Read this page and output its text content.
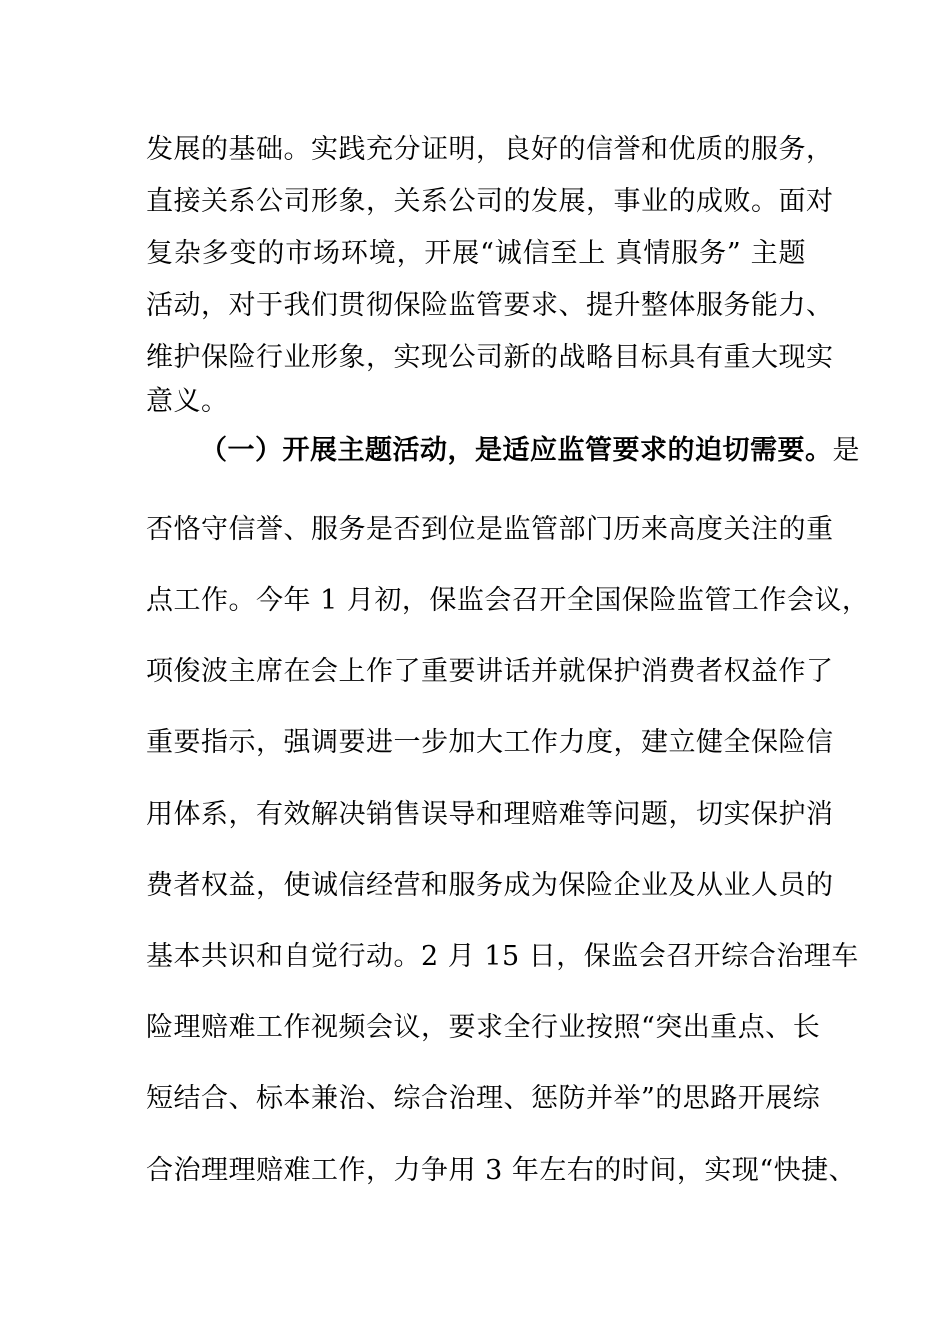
发展的基础。实践充分证明，良好的信誉和优质的服务，
直接关系公司形象，关系公司的发展，事业的成败。面对
复杂多变的市场环境，开展“诚信至上 真情服务” 主题
活动，对于我们贯彻保险监管要求、提升整体服务能力、
维护保险行业形象，实现公司新的战略目标具有重大现实
意义。
（一）开展主题活动，是适应监管要求的迫切需要。是
否恪守信誉、服务是否到位是监管部门历来高度关注的重
点工作。今年 1 月初，保监会召开全国保险监管工作会议，
项俊波主席在会上作了重要讲话并就保护消费者权益作了
重要指示，强调要进一步加大工作力度，建立健全保险信
用体系，有效解决销售误导和理赔难等问题，切实保护消
费者权益，使诚信经营和服务成为保险企业及从业人员的
基本共识和自觉行动。2 月 15 日，保监会召开综合治理车
险理赔难工作视频会议，要求全行业按照“突出重点、长
短结合、标本兼治、综合治理、惩防并举”的思路开展综
合治理理赔难工作，力争用 3 年左右的时间，实现“快捷、
